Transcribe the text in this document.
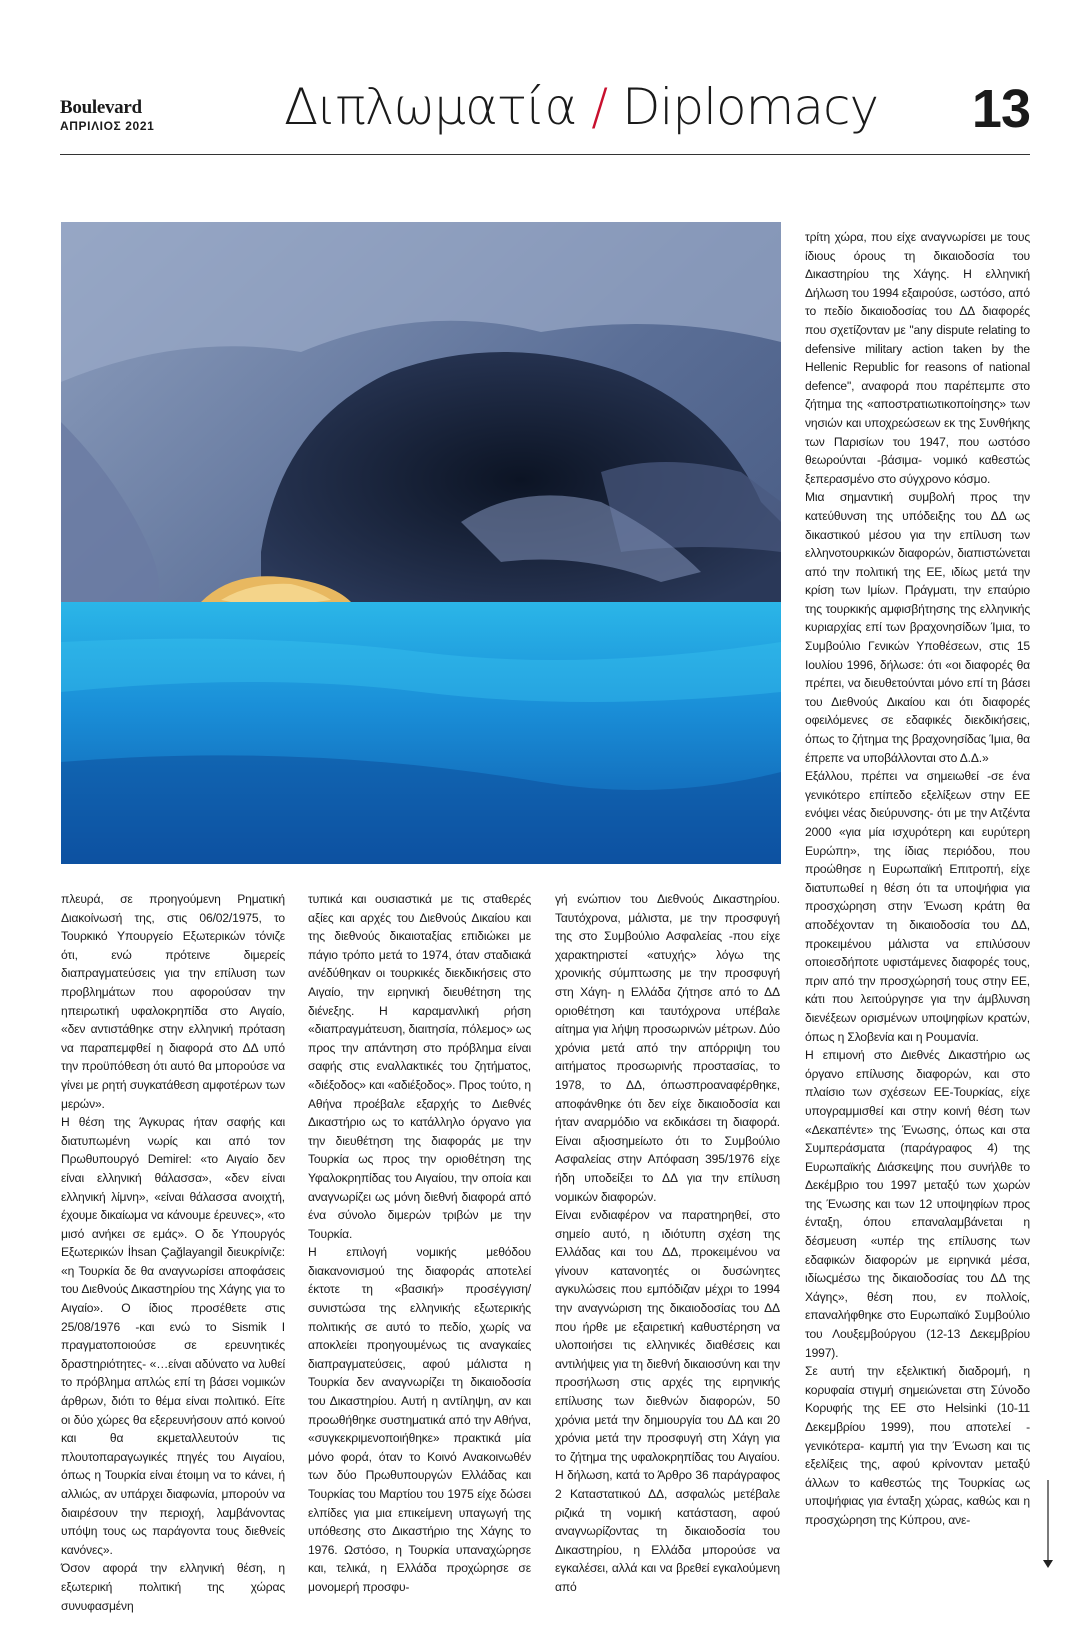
Boulevard
ΑΠΡΙΛΙΟΣ 2021	Διπλωματία / Diplomacy 13

πλευρά, σε προηγούμενη Ρηματική Διακοίνωσή της, στις 06/02/1975, το Τουρκικό Υπουργείο Εξωτερικών τόνιζε ότι, ενώ πρότεινε διμερείς διαπραγματεύσεις για την επίλυση των προβλημάτων που αφορούσαν την ηπειρωτική υφαλοκρηπίδα στο Αιγαίο, «δεν αντιστάθηκε στην ελληνική πρόταση να παραπεμφθεί η διαφορά στο ΔΔ υπό την προϋπόθεση ότι αυτό θα μπορούσε να γίνει με ρητή συγκατάθεση αμφοτέρων των μερών».

Η θέση της Άγκυρας ήταν σαφής και διατυπωμένη νωρίς και από τον Πρωθυπουργό Demirel: «το Αιγαίο δεν είναι ελληνική θάλασσα», «δεν είναι ελληνική λίμνη», «είναι θάλασσα ανοιχτή, έχουμε δικαίωμα να κάνουμε έρευνες», «το μισό ανήκει σε εμάς». Ο δε Υπουργός Εξωτερικών İhsan Çağlayangil διευκρίνιζε: «η Τουρκία δε θα αναγνωρίσει αποφάσεις του Διεθνούς Δικαστηρίου της Χάγης για το Αιγαίο». Ο ίδιος προσέθετε στις 25/08/1976 -και ενώ το Sismik I πραγματοποιούσε σε ερευνητικές δραστηριότητες- «…είναι αδύνατο να λυθεί το πρόβλημα απλώς επί τη βάσει νομικών άρθρων, διότι το θέμα είναι πολιτικό. Είτε οι δύο χώρες θα εξερευνήσουν από κοινού και θα εκμεταλλευτούν τις πλουτοπαραγωγικές πηγές του Αιγαίου, όπως η Τουρκία είναι έτοιμη να το κάνει, ή αλλιώς, αν υπάρχει διαφωνία, μπορούν να διαιρέσουν την περιοχή, λαμβάνοντας υπόψη τους ως παράγοντα τους διεθνείς κανόνες».

Όσον αφορά την ελληνική θέση, η εξωτερική πολιτική της χώρας συνυφασμένη

τυπικά και ουσιαστικά με τις σταθερές αξίες και αρχές του Διεθνούς Δικαίου και της διεθνούς δικαιοταξίας επιδιώκει με πάγιο τρόπο μετά το 1974, όταν σταδιακά ανέδύθηκαν οι τουρκικές διεκδικήσεις στο Αιγαίο, την ειρηνική διευθέτηση της διένεξης. Η καραμανλική ρήση «διαπραγμάτευση, διαιτησία, πόλεμος» ως προς την απάντηση στο πρόβλημα είναι σαφής στις εναλλακτικές του ζητήματος, «διέξοδος» και «αδιέξοδος». Προς τούτο, η Αθήνα προέβαλε εξαρχής το Διεθνές Δικαστήριο ως το κατάλληλο όργανο για την διευθέτηση της διαφοράς με την Τουρκία ως προς την οριοθέτηση της Υφαλοκρηπίδας του Αιγαίου, την οποία και αναγνωρίζει ως μόνη διεθνή διαφορά από ένα σύνολο διμερών τριβών με την Τουρκία.

Η επιλογή νομικής μεθόδου διακανονισμού της διαφοράς αποτελεί έκτοτε τη «βασική» προσέγγιση/συνιστώσα της ελληνικής εξωτερικής πολιτικής σε αυτό το πεδίο, χωρίς να αποκλείει προηγουμένως τις αναγκαίες διαπραγματεύσεις, αφού μάλιστα η Τουρκία δεν αναγνωρίζει τη δικαιοδοσία του Δικαστηρίου. Αυτή η αντίληψη, αν και προωθήθηκε συστηματικά από την Αθήνα, «συγκεκριμενοποιήθηκε» πρακτικά μία μόνο φορά, όταν το Κοινό Ανακοινωθέν των δύο Πρωθυπουργών Ελλάδας και Τουρκίας του Μαρτίου του 1975 είχε δώσει ελπίδες για μια επικείμενη υπαγωγή της υπόθεσης στο Δικαστήριο της Χάγης το 1976. Ωστόσο, η Τουρκία υπαναχώρησε και, τελικά, η Ελλάδα προχώρησε σε μονομερή προσφυ-

γή ενώπιον του Διεθνούς Δικαστηρίου. Ταυτόχρονα, μάλιστα, με την προσφυγή της στο Συμβούλιο Ασφαλείας -που είχε χαρακτηριστεί «ατυχής» λόγω της χρονικής σύμπτωσης με την προσφυγή στη Χάγη- η Ελλάδα ζήτησε από το ΔΔ οριοθέτηση και ταυτόχρονα υπέβαλε αίτημα για λήψη προσωρινών μέτρων. Δύο χρόνια μετά από την απόρριψη του αιτήματος προσωρινής προστασίας, το 1978, το ΔΔ, όπωσπροαναφέρθηκε, αποφάνθηκε ότι δεν είχε δικαιοδοσία και ήταν αναρμόδιο να εκδικάσει τη διαφορά. Είναι αξιοσημείωτο ότι το Συμβούλιο Ασφαλείας στην Απόφαση 395/1976 είχε ήδη υποδείξει το ΔΔ για την επίλυση νομικών διαφορών.

Είναι ενδιαφέρον να παρατηρηθεί, στο σημείο αυτό, η ιδιότυπη σχέση της Ελλάδας και του ΔΔ, προκειμένου να γίνουν κατανοητές οι δυσώνητες αγκυλώσεις που εμπόδιζαν μέχρι το 1994 την αναγνώριση της δικαιοδοσίας του ΔΔ που ήρθε με εξαιρετική καθυστέρηση να υλοποιήσει τις ελληνικές διαθέσεις και αντιλήψεις για τη διεθνή δικαιοσύνη και την προσήλωση στις αρχές της ειρηνικής επίλυσης των διεθνών διαφορών, 50 χρόνια μετά την δημιουργία του ΔΔ και 20 χρόνια μετά την προσφυγή στη Χάγη για το ζήτημα της υφαλοκρηπίδας του Αιγαίου. Η δήλωση, κατά το Άρθρο 36 παράγραφος 2 Καταστατικού ΔΔ, ασφαλώς μετέβαλε ριζικά τη νομική κατάσταση, αφού αναγνωρίζοντας τη δικαιοδοσία του Δικαστηρίου, η Ελλάδα μπορούσε να εγκαλέσει, αλλά και να βρεθεί εγκαλούμενη από

τρίτη χώρα, που είχε αναγνωρίσει με τους ίδιους όρους τη δικαιοδοσία του Δικαστηρίου της Χάγης. Η ελληνική Δήλωση του 1994 εξαιρούσε, ωστόσο, από το πεδίο δικαιοδοσίας του ΔΔ διαφορές που σχετίζονταν με "any dispute relating to defensive military action taken by the Hellenic Republic for reasons of national defence", αναφορά που παρέπεμπε στο ζήτημα της «αποστρατιωτικοποίησης» των νησιών και υποχρεώσεων εκ της Συνθήκης των Παρισίων του 1947, που ωστόσο θεωρούνται -βάσιμα- νομικό καθεστώς ξεπερασμένο στο σύγχρονο κόσμο.

Μια σημαντική συμβολή προς την κατεύθυνση της υπόδειξης του ΔΔ ως δικαστικού μέσου για την επίλυση των ελληνοτουρκικών διαφορών, διαπιστώνεται από την πολιτική της ΕΕ, ιδίως μετά την κρίση των Ιμίων. Πράγματι, την επαύριο της τουρκικής αμφισβήτησης της ελληνικής κυριαρχίας επί των βραχονησίδων Ίμια, το Συμβούλιο Γενικών Υποθέσεων, στις 15 Ιουλίου 1996, δήλωσε: ότι «οι διαφορές θα πρέπει, να διευθετούνται μόνο επί τη βάσει του Διεθνούς Δικαίου και ότι διαφορές οφειλόμενες σε εδαφικές διεκδικήσεις, όπως το ζήτημα της βραχονησίδας Ίμια, θα έπρεπε να υποβάλλονται στο Δ.Δ.»

Εξάλλου, πρέπει να σημειωθεί -σε ένα γενικότερο επίπεδο εξελίξεων στην ΕΕ ενόψει νέας διεύρυνσης- ότι με την Ατζέντα 2000 «για μία ισχυρότερη και ευρύτερη Ευρώπη», της ίδιας περιόδου, που προώθησε η Ευρωπαϊκή Επιτροπή, είχε διατυπωθεί η θέση ότι τα υποψήφια για προσχώρηση στην Ένωση κράτη θα αποδέχονταν τη δικαιοδοσία του ΔΔ, προκειμένου μάλιστα να επιλύσουν οποιεσδήποτε υφιστάμενες διαφορές τους, πριν από την προσχώρησή τους στην ΕΕ, κάτι που λειτούργησε για την άμβλυνση διενέξεων ορισμένων υποψηφίων κρατών, όπως η Σλοβενία και η Ρουμανία.

Η επιμονή στο Διεθνές Δικαστήριο ως όργανο επίλυσης διαφορών, και στο πλαίσιο των σχέσεων ΕΕ-Τουρκίας, είχε υπογραμμισθεί και στην κοινή θέση των «Δεκαπέντε» της Ένωσης, όπως και στα Συμπεράσματα (παράγραφος 4) της Ευρωπαϊκής Διάσκεψης που συνήλθε το Δεκέμβριο του 1997 μεταξύ των χωρών της Ένωσης και των 12 υποψηφίων προς ένταξη, όπου επαναλαμβάνεται η δέσμευση «υπέρ της επίλυσης των εδαφικών διαφορών με ειρηνικά μέσα, ιδίωςμέσω της δικαιοδοσίας του ΔΔ της Χάγης», θέση που, εν πολλοίς, επαναλήφθηκε στο Ευρωπαϊκό Συμβούλιο του Λουξεμβούργου (12-13 Δεκεμβρίου 1997).

Σε αυτή την εξελικτική διαδρομή, η κορυφαία στιγμή σημειώνεται στη Σύνοδο Κορυφής της ΕΕ στο Helsinki (10-11 Δεκεμβρίου 1999), που αποτελεί - γενικότερα- καμπή για την Ένωση και τις εξελίξεις της, αφού κρίνονταν μεταξύ άλλων το καθεστώς της Τουρκίας ως υποψήφιας για ένταξη χώρας, καθώς και η προσχώρηση της Κύπρου, ανε-
